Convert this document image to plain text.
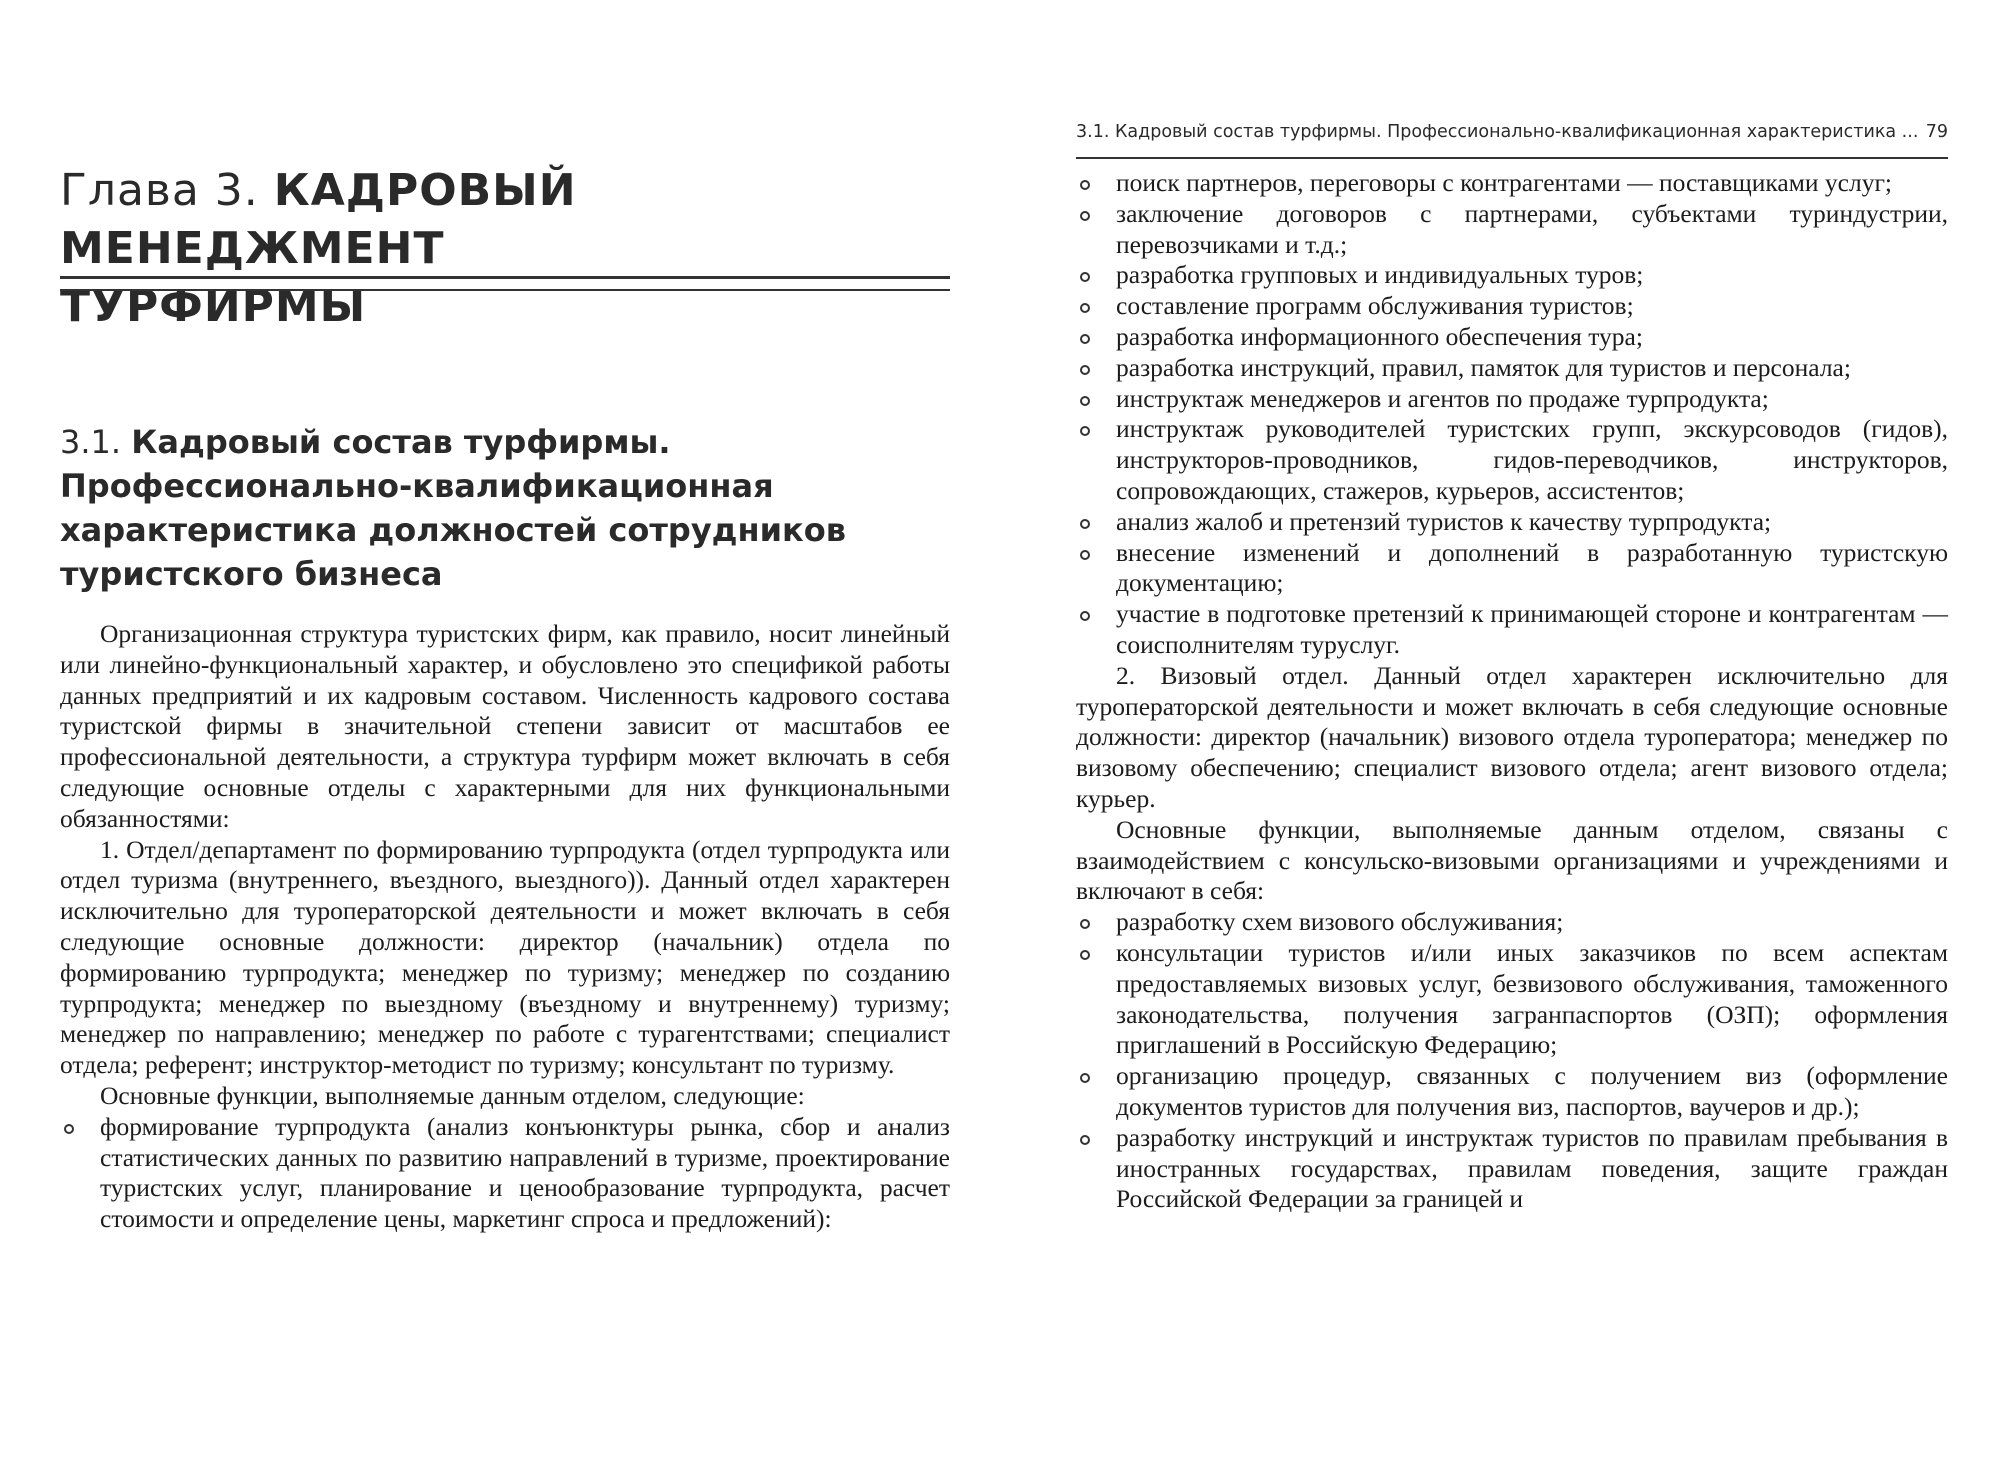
Глава 3. КАДРОВЫЙ МЕНЕДЖМЕНТ
ТУРФИРМЫ
3.1. Кадровый состав турфирмы.
Профессионально-квалификационная
характеристика должностей сотрудников
туристского бизнеса

Организационная структура туристских фирм, как правило, носит линейный или линейно-функциональный характер, и обусловлено это спецификой работы данных предприятий и их кадровым составом. Численность кадрового состава туристской фирмы в значительной степени зависит от масштабов ее профессиональной деятельности, а структура турфирм может включать в себя следующие основные отделы с характерными для них функциональными обязанностями:

1. Отдел/департамент по формированию турпродукта (отдел турпродукта или отдел туризма (внутреннего, въездного, выездного)). Данный отдел характерен исключительно для туроператорской деятельности и может включать в себя следующие основные должности: директор (начальник) отдела по формированию турпродукта; менеджер по туризму; менеджер по созданию турпродукта; менеджер по выездному (въездному и внутреннему) туризму; менеджер по направлению; менеджер по работе с турагентствами; специалист отдела; референт; инструктор-методист по туризму; консультант по туризму.

Основные функции, выполняемые данным отделом, следующие:

формирование турпродукта (анализ конъюнктуры рынка, сбор и анализ статистических данных по развитию направлений в туризме, проектирование туристских услуг, планирование и ценообразование турпродукта, расчет стоимости и определение цены, маркетинг спроса и предложений):
3.1. Кадровый состав турфирмы. Профессионально-квалификационная характеристика ... 79
поиск партнеров, переговоры с контрагентами — поставщиками услуг;
заключение договоров с партнерами, субъектами туриндустрии, перевозчиками и т.д.;
разработка групповых и индивидуальных туров;
составление программ обслуживания туристов;
разработка информационного обеспечения тура;
разработка инструкций, правил, памяток для туристов и персонала;
инструктаж менеджеров и агентов по продаже турпродукта;
инструктаж руководителей туристских групп, экскурсоводов (гидов), инструкторов-проводников, гидов-переводчиков, инструкторов, сопровождающих, стажеров, курьеров, ассистентов;
анализ жалоб и претензий туристов к качеству турпродукта;
внесение изменений и дополнений в разработанную туристскую документацию;
участие в подготовке претензий к принимающей стороне и контрагентам — соисполнителям туруслуг.

2. Визовый отдел. Данный отдел характерен исключительно для туроператорской деятельности и может включать в себя следующие основные должности: директор (начальник) визового отдела туроператора; менеджер по визовому обеспечению; специалист визового отдела; агент визового отдела; курьер.

Основные функции, выполняемые данным отделом, связаны с взаимодействием с консульско-визовыми организациями и учреждениями и включают в себя:

разработку схем визового обслуживания;
консультации туристов и/или иных заказчиков по всем аспектам предоставляемых визовых услуг, безвизового обслуживания, таможенного законодательства, получения загранпаспортов (ОЗП); оформления приглашений в Российскую Федерацию;
организацию процедур, связанных с получением виз (оформление документов туристов для получения виз, паспортов, ваучеров и др.);
разработку инструкций и инструктаж туристов по правилам пребывания в иностранных государствах, правилам поведения, защите граждан Российской Федерации за границей и
